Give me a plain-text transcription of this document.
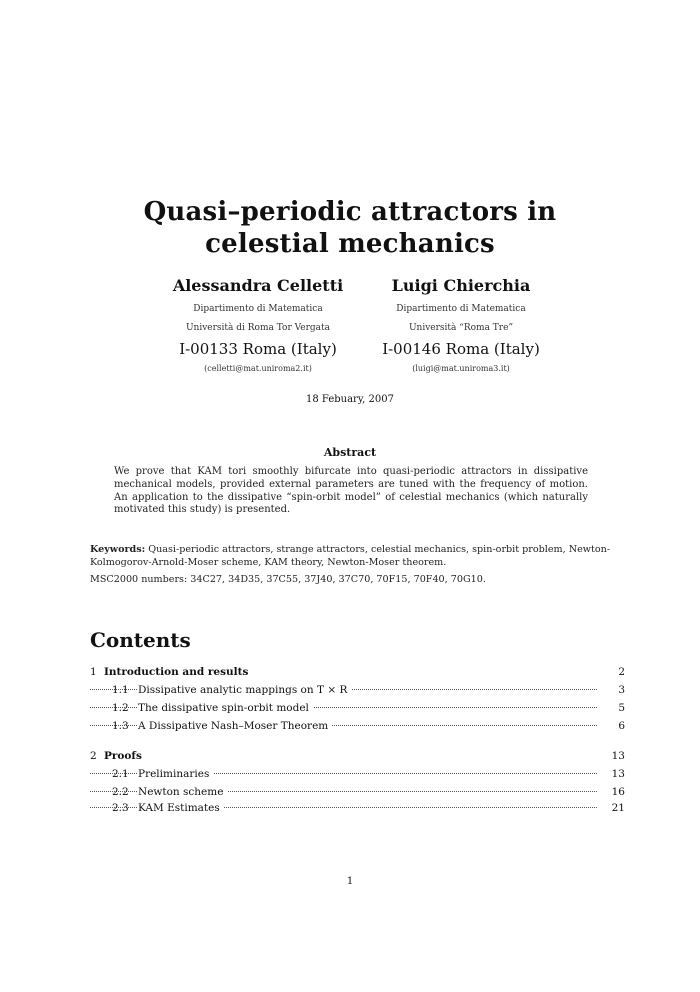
Quasi–periodic attractors in celestial mechanics
Alessandra Celletti
Dipartimento di Matematica
Università di Roma Tor Vergata
I-00133 Roma (Italy)
(celletti@mat.uniroma2.it)
Luigi Chierchia
Dipartimento di Matematica
Università “Roma Tre”
I-00146 Roma (Italy)
(luigi@mat.uniroma3.it)
18 Febuary, 2007
Abstract
We prove that KAM tori smoothly bifurcate into quasi-periodic attractors in dissipative mechanical models, provided external parameters are tuned with the frequency of motion. An application to the dissipative “spin-orbit model” of celestial mechanics (which naturally motivated this study) is presented.
Keywords: Quasi-periodic attractors, strange attractors, celestial mechanics, spin-orbit problem, Newton-Kolmogorov-Arnold-Moser scheme, KAM theory, Newton-Moser theorem.
MSC2000 numbers: 34C27, 34D35, 37C55, 37J40, 37C70, 70F15, 70F40, 70G10.
Contents
1 Introduction and results	2
1.1 Dissipative analytic mappings on T × R	3
1.2 The dissipative spin-orbit model	5
1.3 A Dissipative Nash–Moser Theorem	6
2 Proofs	13
2.1 Preliminaries	13
2.2 Newton scheme	16
2.3 KAM Estimates	21
1
